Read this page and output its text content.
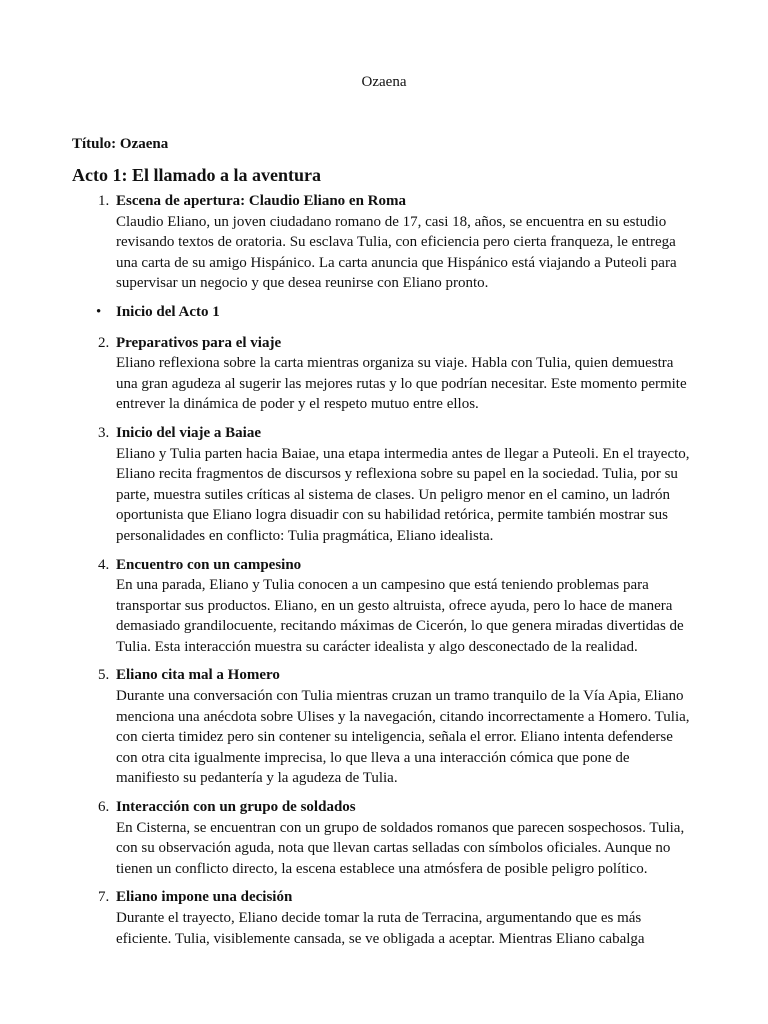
Ozaena

Título: Ozaena

Acto 1: El llamado a la aventura
1. Escena de apertura: Claudio Eliano en Roma
Claudio Eliano, un joven ciudadano romano de 17, casi 18, años, se encuentra en su estudio revisando textos de oratoria. Su esclava Tulia, con eficiencia pero cierta franqueza, le entrega una carta de su amigo Hispánico. La carta anuncia que Hispánico está viajando a Puteoli para supervisar un negocio y que desea reunirse con Eliano pronto.
• Inicio del Acto 1
2. Preparativos para el viaje
Eliano reflexiona sobre la carta mientras organiza su viaje. Habla con Tulia, quien demuestra una gran agudeza al sugerir las mejores rutas y lo que podrían necesitar. Este momento permite entrever la dinámica de poder y el respeto mutuo entre ellos.
3. Inicio del viaje a Baiae
Eliano y Tulia parten hacia Baiae, una etapa intermedia antes de llegar a Puteoli. En el trayecto, Eliano recita fragmentos de discursos y reflexiona sobre su papel en la sociedad. Tulia, por su parte, muestra sutiles críticas al sistema de clases. Un peligro menor en el camino, un ladrón oportunista que Eliano logra disuadir con su habilidad retórica, permite también mostrar sus personalidades en conflicto: Tulia pragmática, Eliano idealista.
4. Encuentro con un campesino
En una parada, Eliano y Tulia conocen a un campesino que está teniendo problemas para transportar sus productos. Eliano, en un gesto altruista, ofrece ayuda, pero lo hace de manera demasiado grandilocuente, recitando máximas de Cicerón, lo que genera miradas divertidas de Tulia. Esta interacción muestra su carácter idealista y algo desconectado de la realidad.
5. Eliano cita mal a Homero
Durante una conversación con Tulia mientras cruzan un tramo tranquilo de la Vía Apia, Eliano menciona una anécdota sobre Ulises y la navegación, citando incorrectamente a Homero. Tulia, con cierta timidez pero sin contener su inteligencia, señala el error. Eliano intenta defenderse con otra cita igualmente imprecisa, lo que lleva a una interacción cómica que pone de manifiesto su pedantería y la agudeza de Tulia.
6. Interacción con un grupo de soldados
En Cisterna, se encuentran con un grupo de soldados romanos que parecen sospechosos. Tulia, con su observación aguda, nota que llevan cartas selladas con símbolos oficiales. Aunque no tienen un conflicto directo, la escena establece una atmósfera de posible peligro político.
7. Eliano impone una decisión
Durante el trayecto, Eliano decide tomar la ruta de Terracina, argumentando que es más eficiente. Tulia, visiblemente cansada, se ve obligada a aceptar. Mientras Eliano cabalga
